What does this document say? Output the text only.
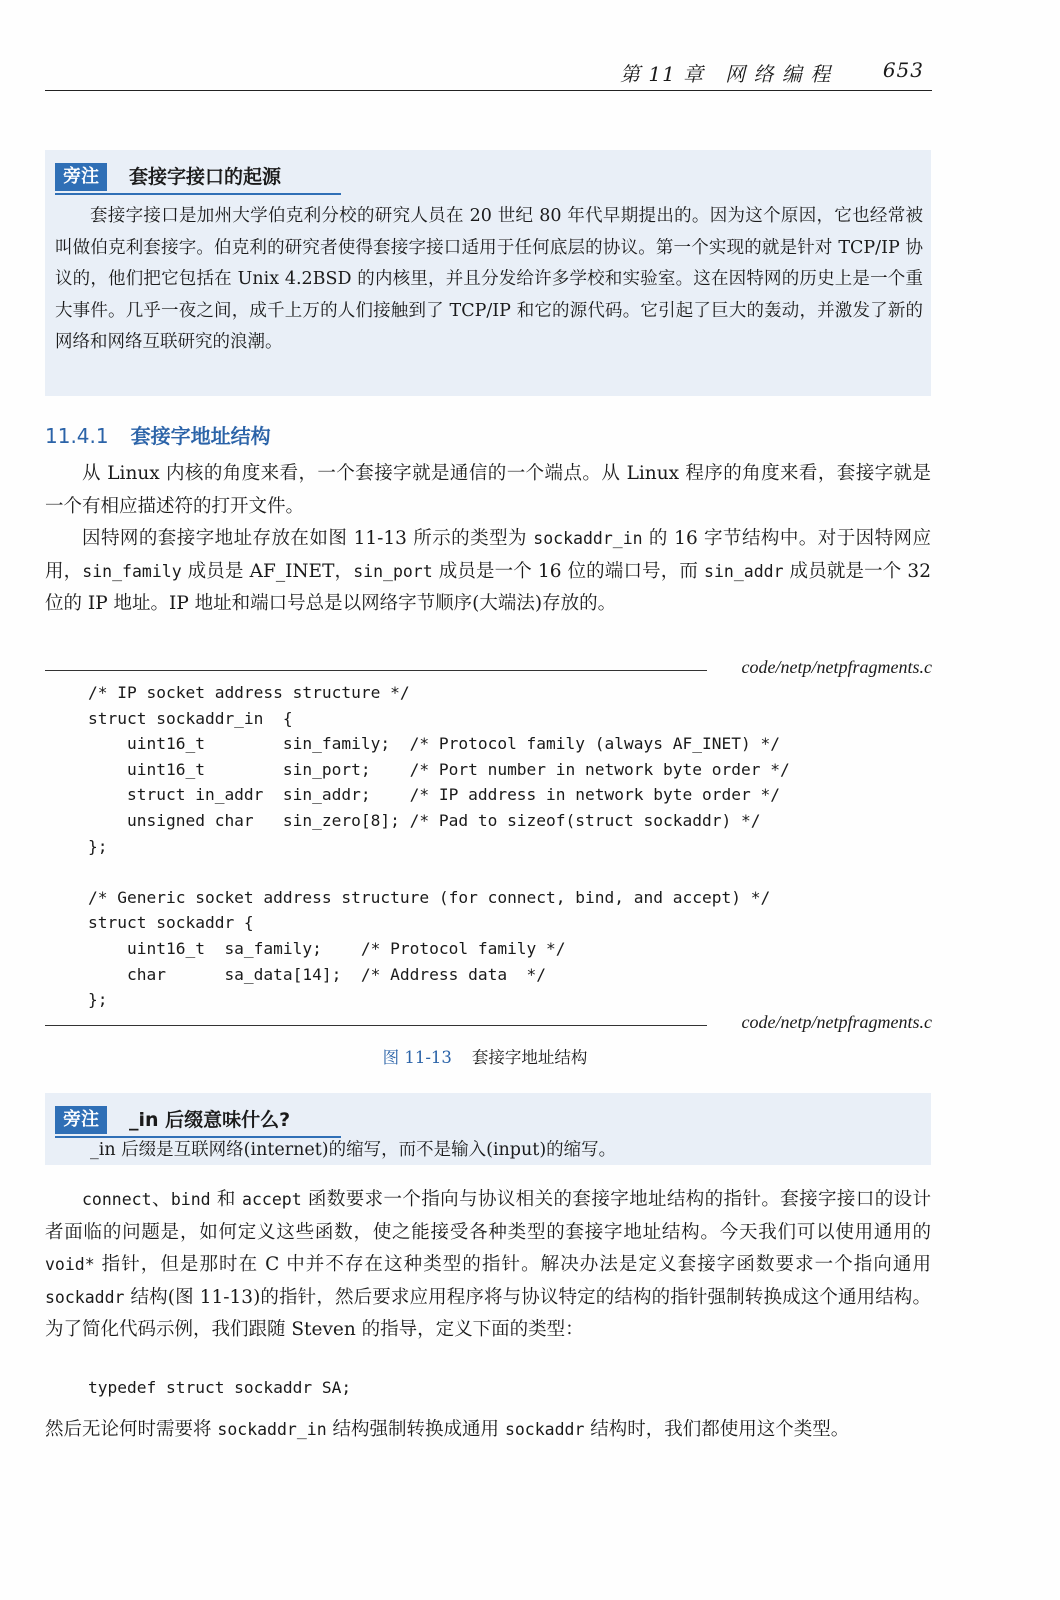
第 11 章　网 络 编 程	653
旁注	套接字接口的起源

套接字接口是加州大学伯克利分校的研究人员在 20 世纪 80 年代早期提出的。因为这个原因，它也经常被叫做伯克利套接字。伯克利的研究者使得套接字接口适用于任何底层的协议。第一个实现的就是针对 TCP/IP 协议的，他们把它包括在 Unix 4.2BSD 的内核里，并且分发给许多学校和实验室。这在因特网的历史上是一个重大事件。几乎一夜之间，成千上万的人们接触到了 TCP/IP 和它的源代码。它引起了巨大的轰动，并激发了新的网络和网络互联研究的浪潮。

11.4.1 套接字地址结构

从 Linux 内核的角度来看，一个套接字就是通信的一个端点。从 Linux 程序的角度来看，套接字就是一个有相应描述符的打开文件。

因特网的套接字地址存放在如图 11-13 所示的类型为 sockaddr_in 的 16 字节结构中。对于因特网应用，sin_family 成员是 AF_INET，sin_port 成员是一个 16 位的端口号，而 sin_addr 成员就是一个 32 位的 IP 地址。IP 地址和端口号总是以网络字节顺序(大端法)存放的。

code/netp/netpfragments.c
/* IP socket address structure */
struct sockaddr_in  {
uint16_t        sin_family;  /* Protocol family (always AF_INET) */
uint16_t        sin_port;    /* Port number in network byte order */
struct in_addr  sin_addr;    /* IP address in network byte order */
unsigned char   sin_zero[8]; /* Pad to sizeof(struct sockaddr) */
};

/* Generic socket address structure (for connect, bind, and accept) */
struct sockaddr {
uint16_t  sa_family;    /* Protocol family */
char      sa_data[14];  /* Address data  */
};
code/netp/netpfragments.c
图 11-13 套接字地址结构
旁注	_in 后缀意味什么?

_in 后缀是互联网络(internet)的缩写，而不是输入(input)的缩写。

connect、bind 和 accept 函数要求一个指向与协议相关的套接字地址结构的指针。套接字接口的设计者面临的问题是，如何定义这些函数，使之能接受各种类型的套接字地址结构。今天我们可以使用通用的 void* 指针，但是那时在 C 中并不存在这种类型的指针。解决办法是定义套接字函数要求一个指向通用 sockaddr 结构(图 11-13)的指针，然后要求应用程序将与协议特定的结构的指针强制转换成这个通用结构。为了简化代码示例，我们跟随 Steven 的指导，定义下面的类型：

typedef struct sockaddr SA;

然后无论何时需要将 sockaddr_in 结构强制转换成通用 sockaddr 结构时，我们都使用这个类型。
